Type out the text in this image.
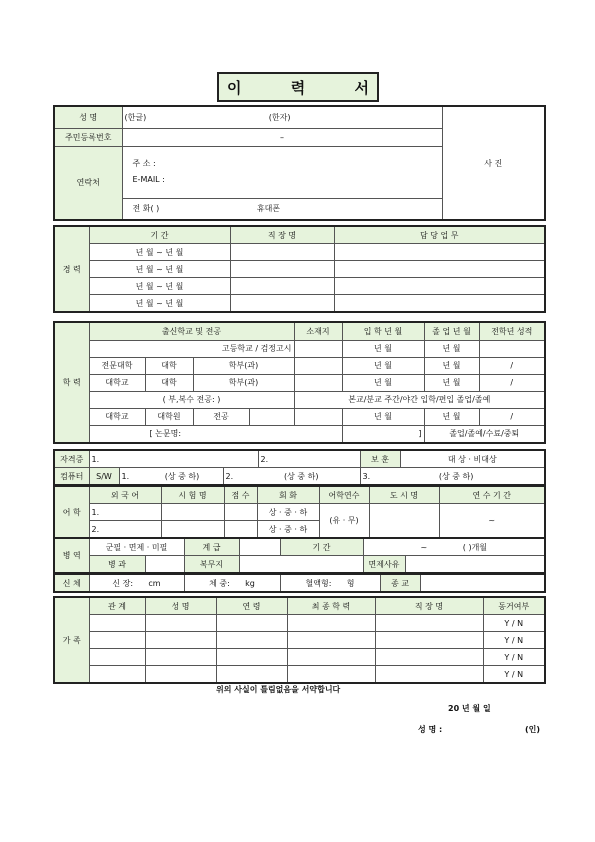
이 력 서
성 명	(한글) (한자)	사 진
주민등록번호	–	
연락처	주 소 :
E-MAIL :	

	전 화( ) 휴대폰	
경 력	기 간	직 장 명	담 당 업 무
	년 월 ~ 년 월		
	년 월 ~ 년 월		
	년 월 ~ 년 월		
	년 월 ~ 년 월		
학 력	출신학교 및 전공				소재지	입 학 년 월	졸 업 년 월	전학년 성적
	고등학교 / 검정고시					년 월	년 월	
	전문대학	대학	학부(과)			년 월	년 월	/
	대학교	대학	학부(과)			년 월	년 월	/
	( 부,복수 전공: )				본교/분교 주간/야간 입학/편입 졸업/졸예			
	대학교	대학원	전공			년 월	년 월	/
	[ 논문명:					]	졸업/졸예/수료/중퇴	
자격증	1.			2.	보 훈	대 상 · 비대상
컴퓨터	S/W	1. (상 중 하)	2. (상 중 하)		3. (상 중 하)	
어 학	외 국 어	시 험 명	점 수	회 화	어학연수	도 시 명	연 수 기 간
	1.			상 · 중 · 하	(유 · 무)		~
	2.			상 · 중 · 하			
병 역	군필 · 면제 · 미필		계 급		기 간	~ ( )개월	
	병 과		복무지			면제사유	
신 체	신 장: cm	체 중: kg	혈액형: 형	종 교	
가 족	관 계	성 명	연 령	최 종 학 력	직 장 명	동거여부
						Y / N
						Y / N
						Y / N
						Y / N
위의 사실이 틀림없음을 서약합니다
20 년 월 일
성 명 :	(인)
